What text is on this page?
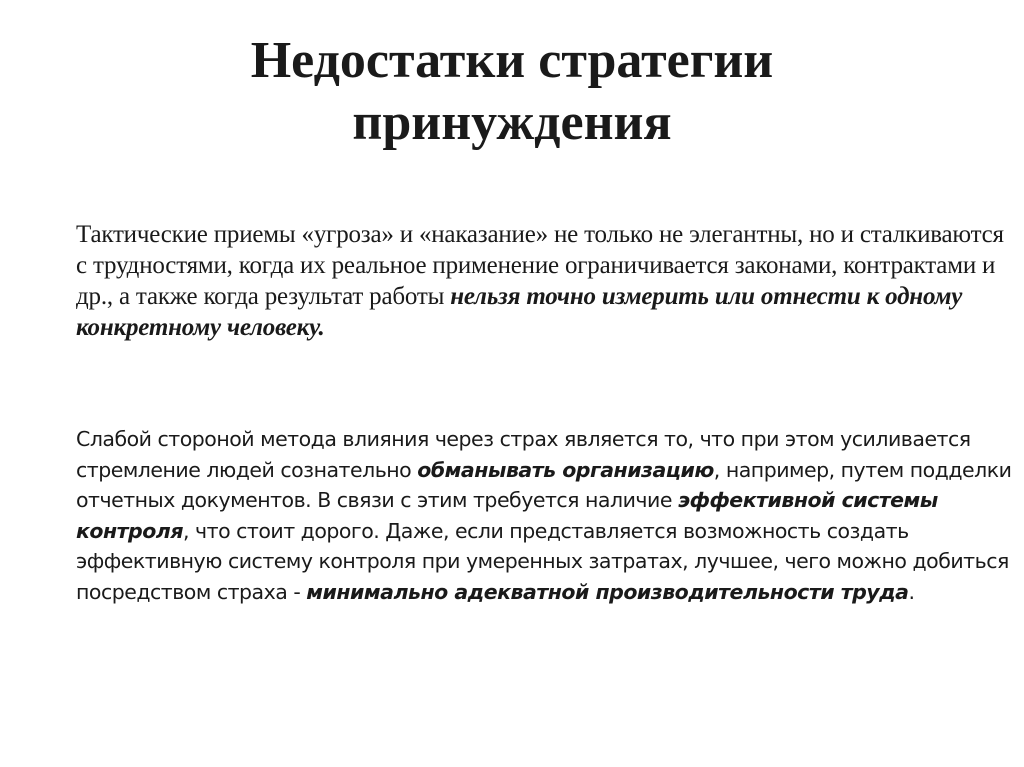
Недостатки стратегии
принуждения

Тактические приемы «угроза» и «наказание» не только не элегантны, но и сталкиваются с трудностями, когда их реальное применение ограничивается законами, контрактами и др., а также когда результат работы нельзя точно измерить или отнести к одному конкретному человеку.

Слабой стороной метода влияния через страх является то, что при этом усиливается стремление людей сознательно обманывать организацию, например, путем подделки отчетных документов. В связи с этим требуется наличие эффективной системы контроля, что стоит дорого. Даже, если представляется возможность создать эффективную систему контроля при умеренных затратах, лучшее, чего можно добиться посредством страха - минимально адекватной производительности труда.
